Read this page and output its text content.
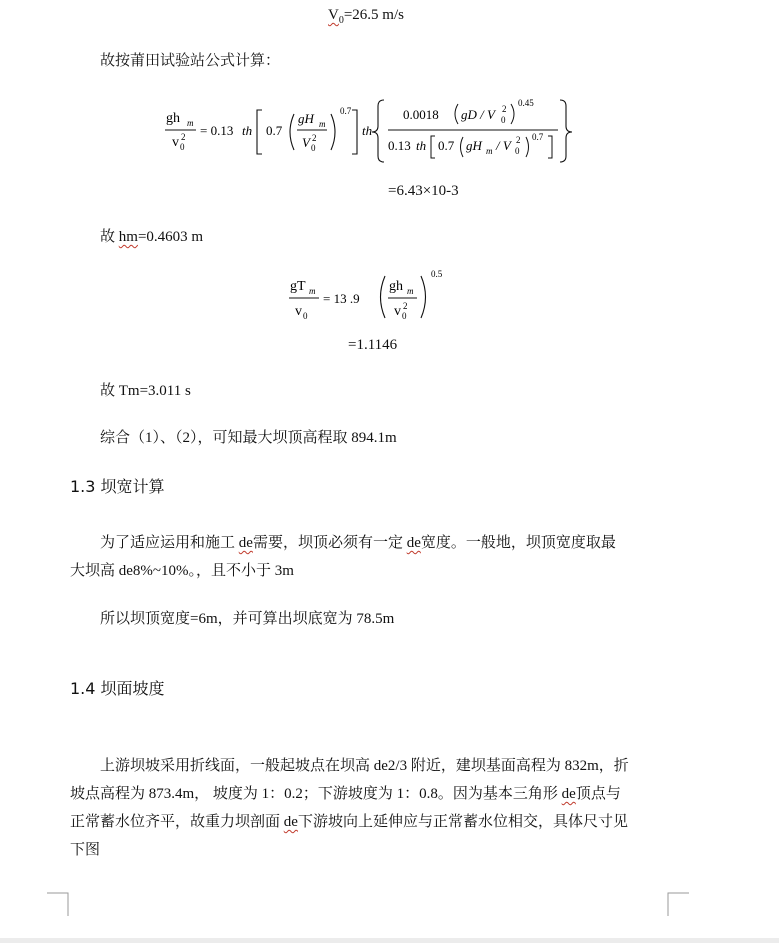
$V_0=26.5$ m/s
故按莆田试验站公式计算：
gh m
v 0
2 = 0.13 th 0.7
gH m
V 0
2
0.7
th
0.0018 gD / V 0
2
0.45
0.13 th 0.7 gH m / V 0
2 0.7
=6.43×10-3
故 hm=0.4603 m
gT m
v 0
= 13 .9
gh m
v 0
2
0.5
=1.1146
故 Tm=3.011 s
综合（1）、（2），可知最大坝顶高程取 894.1m
1.3 坝宽计算
为了适应运用和施工 de需要，坝顶必须有一定 de宽度。一般地，坝顶宽度取最
大坝高 de8%~10%。，且不小于 3m
所以坝顶宽度=6m，并可算出坝底宽为 78.5m
1.4 坝面坡度
上游坝坡采用折线面，一般起坡点在坝高 de2/3 附近，建坝基面高程为 832m，折
坡点高程为 873.4m， 坡度为 1：0.2；下游坡度为 1：0.8。因为基本三角形 de顶点与
正常蓄水位齐平，故重力坝剖面 de下游坡向上延伸应与正常蓄水位相交，具体尺寸见
下图
